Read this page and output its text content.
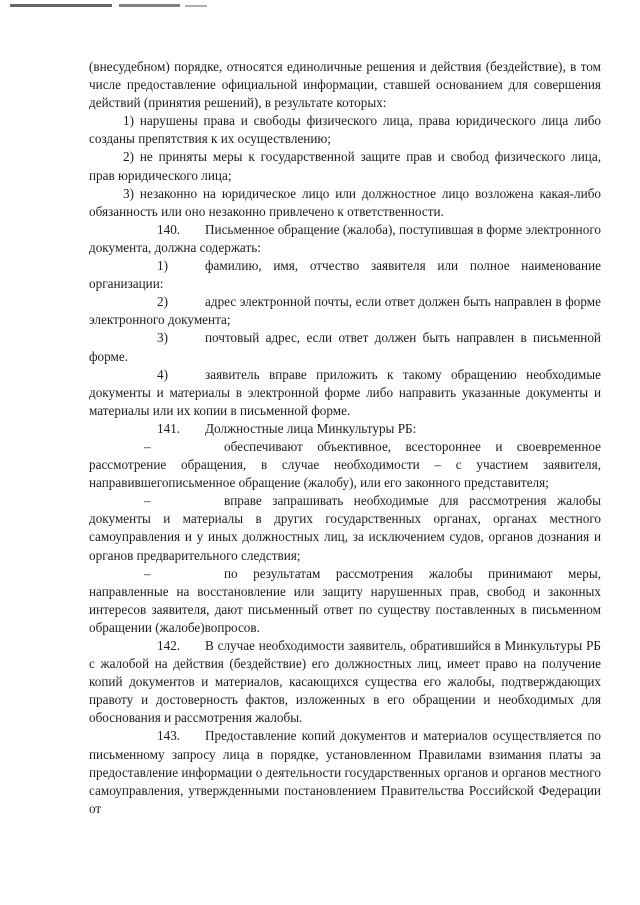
(внесудебном) порядке, относятся единоличные решения и действия (бездействие), в том числе предоставление официальной информации, ставшей основанием для совершения действий (принятия решений), в результате которых:

1) нарушены права и свободы физического лица, права юридического лица либо созданы препятствия к их осуществлению;

2) не приняты меры к государственной защите прав и свобод физического лица, прав юридического лица;

3) незаконно на юридическое лицо или должностное лицо возложена какая-либо обязанность или оно незаконно привлечено к ответственности.

140. Письменное обращение (жалоба), поступившая в форме электронного документа, должна содержать:

1)	фамилию, имя, отчество заявителя или полное наименование организации:

2)	адрес электронной почты, если ответ должен быть направлен в форме электронного документа;

3)	почтовый адрес, если ответ должен быть направлен в письменной форме.

4)	заявитель вправе приложить к такому обращению необходимые документы и материалы в электронной форме либо направить указанные документы и материалы или их копии в письменной форме.

141. Должностные лица Минкультуры РБ:

–	обеспечивают объективное, всестороннее и своевременное рассмотрение обращения, в случае необходимости – с участием заявителя, направившегописьменное обращение (жалобу), или его законного представителя;

–	вправе запрашивать необходимые для рассмотрения жалобы документы и материалы в других государственных органах, органах местного самоуправления и у иных должностных лиц, за исключением судов, органов дознания и органов предварительного следствия;

–	по результатам рассмотрения жалобы принимают меры, направленные на восстановление или защиту нарушенных прав, свобод и законных интересов заявителя, дают письменный ответ по существу поставленных в письменном обращении (жалобе)вопросов.

142. В случае необходимости заявитель, обратившийся в Минкультуры РБ с жалобой на действия (бездействие) его должностных лиц, имеет право на получение копий документов и материалов, касающихся существа его жалобы, подтверждающих правоту и достоверность фактов, изложенных в его обращении и необходимых для обоснования и рассмотрения жалобы.

143. Предоставление копий документов и материалов осуществляется по письменному запросу лица в порядке, установленном Правилами взимания платы за предоставление информации о деятельности государственных органов и органов местного самоуправления, утвержденными постановлением Правительства Российской Федерации от
